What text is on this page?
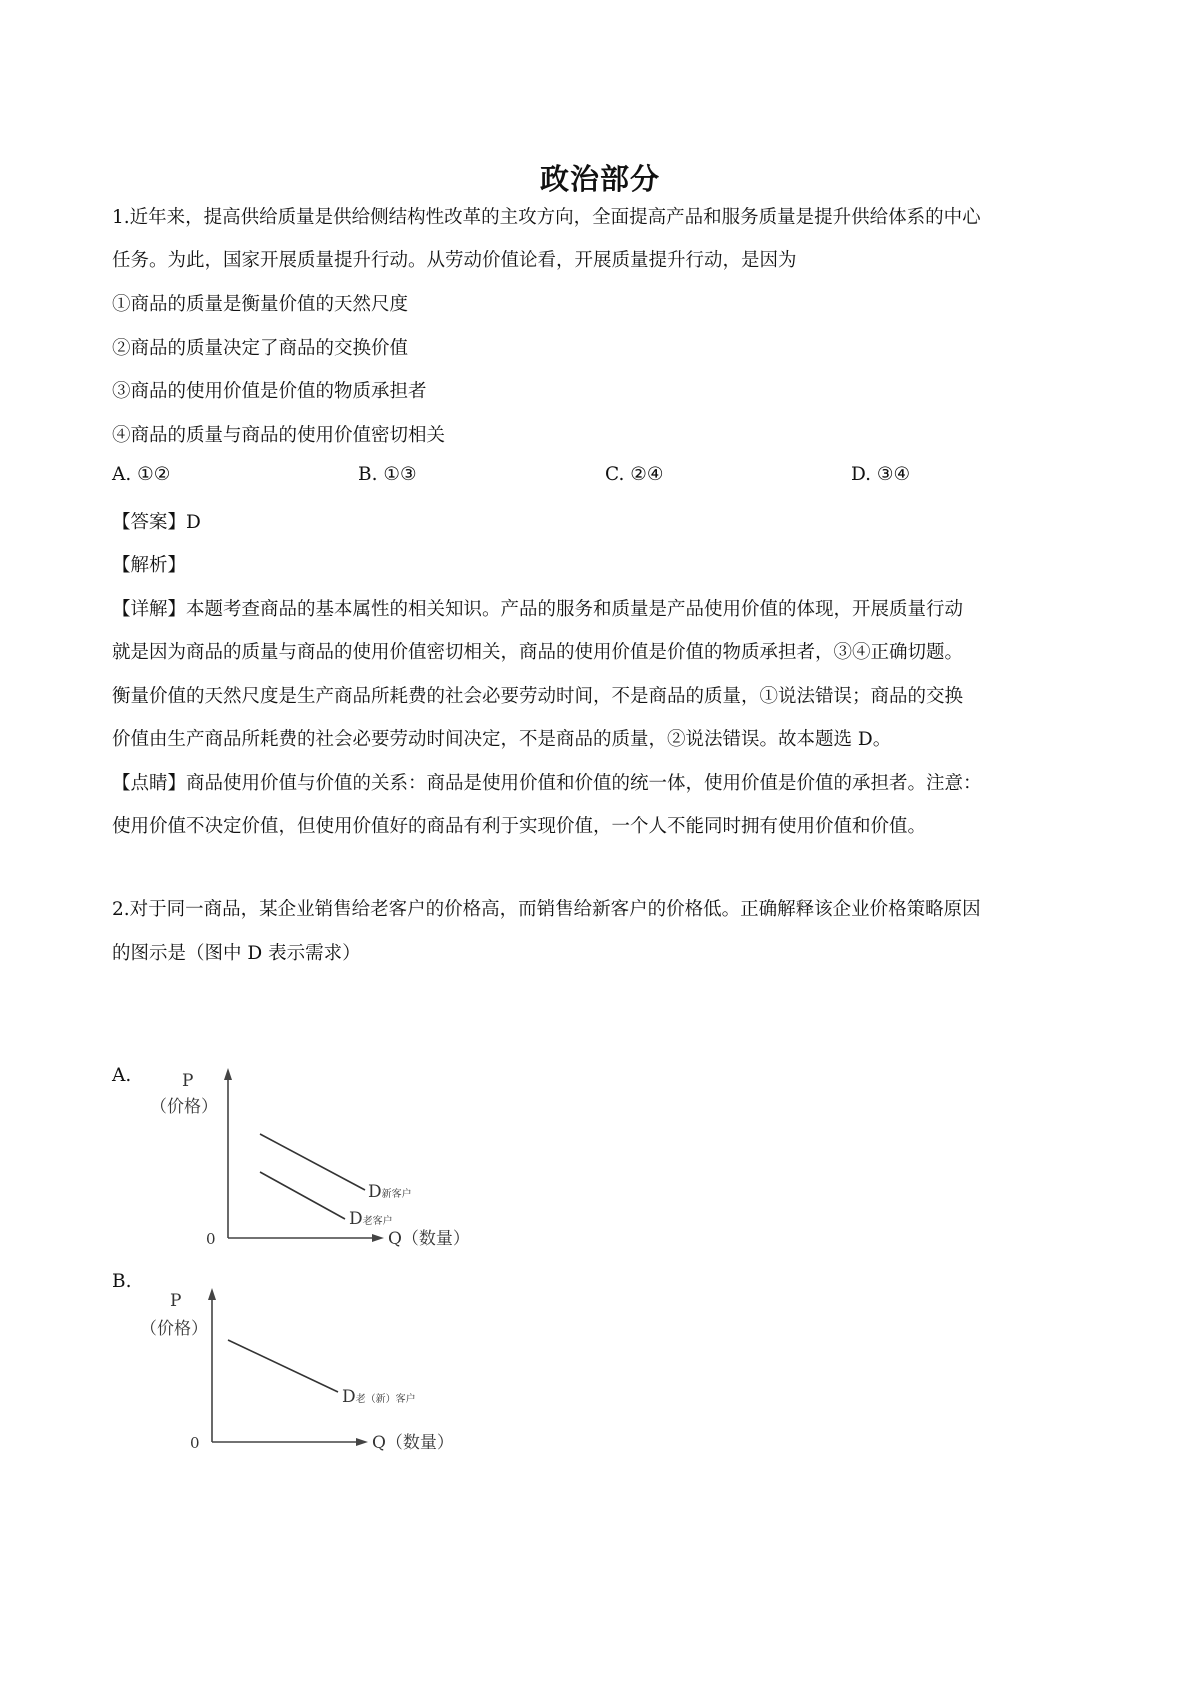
政治部分
1.近年来，提高供给质量是供给侧结构性改革的主攻方向，全面提高产品和服务质量是提升供给体系的中心
任务。为此，国家开展质量提升行动。从劳动价值论看，开展质量提升行动，是因为
①商品的质量是衡量价值的天然尺度
②商品的质量决定了商品的交换价值
③商品的使用价值是价值的物质承担者
④商品的质量与商品的使用价值密切相关
A. ①②	B. ①③	C. ②④	D. ③④
【答案】D
【解析】
【详解】本题考查商品的基本属性的相关知识。产品的服务和质量是产品使用价值的体现，开展质量行动
就是因为商品的质量与商品的使用价值密切相关，商品的使用价值是价值的物质承担者，③④正确切题。
衡量价值的天然尺度是生产商品所耗费的社会必要劳动时间，不是商品的质量，①说法错误；商品的交换
价值由生产商品所耗费的社会必要劳动时间决定，不是商品的质量，②说法错误。故本题选 D。
【点睛】商品使用价值与价值的关系：商品是使用价值和价值的统一体，使用价值是价值的承担者。注意：
使用价值不决定价值，但使用价值好的商品有利于实现价值，一个人不能同时拥有使用价值和价值。
2.对于同一商品，某企业销售给老客户的价格高，而销售给新客户的价格低。正确解释该企业价格策略原因
的图示是（图中 D 表示需求）
A.	P
（价格）
0	Q（数量）
D新客户
D老客户
B.
P
（价格）
0	Q（数量）
D老（新）客户
